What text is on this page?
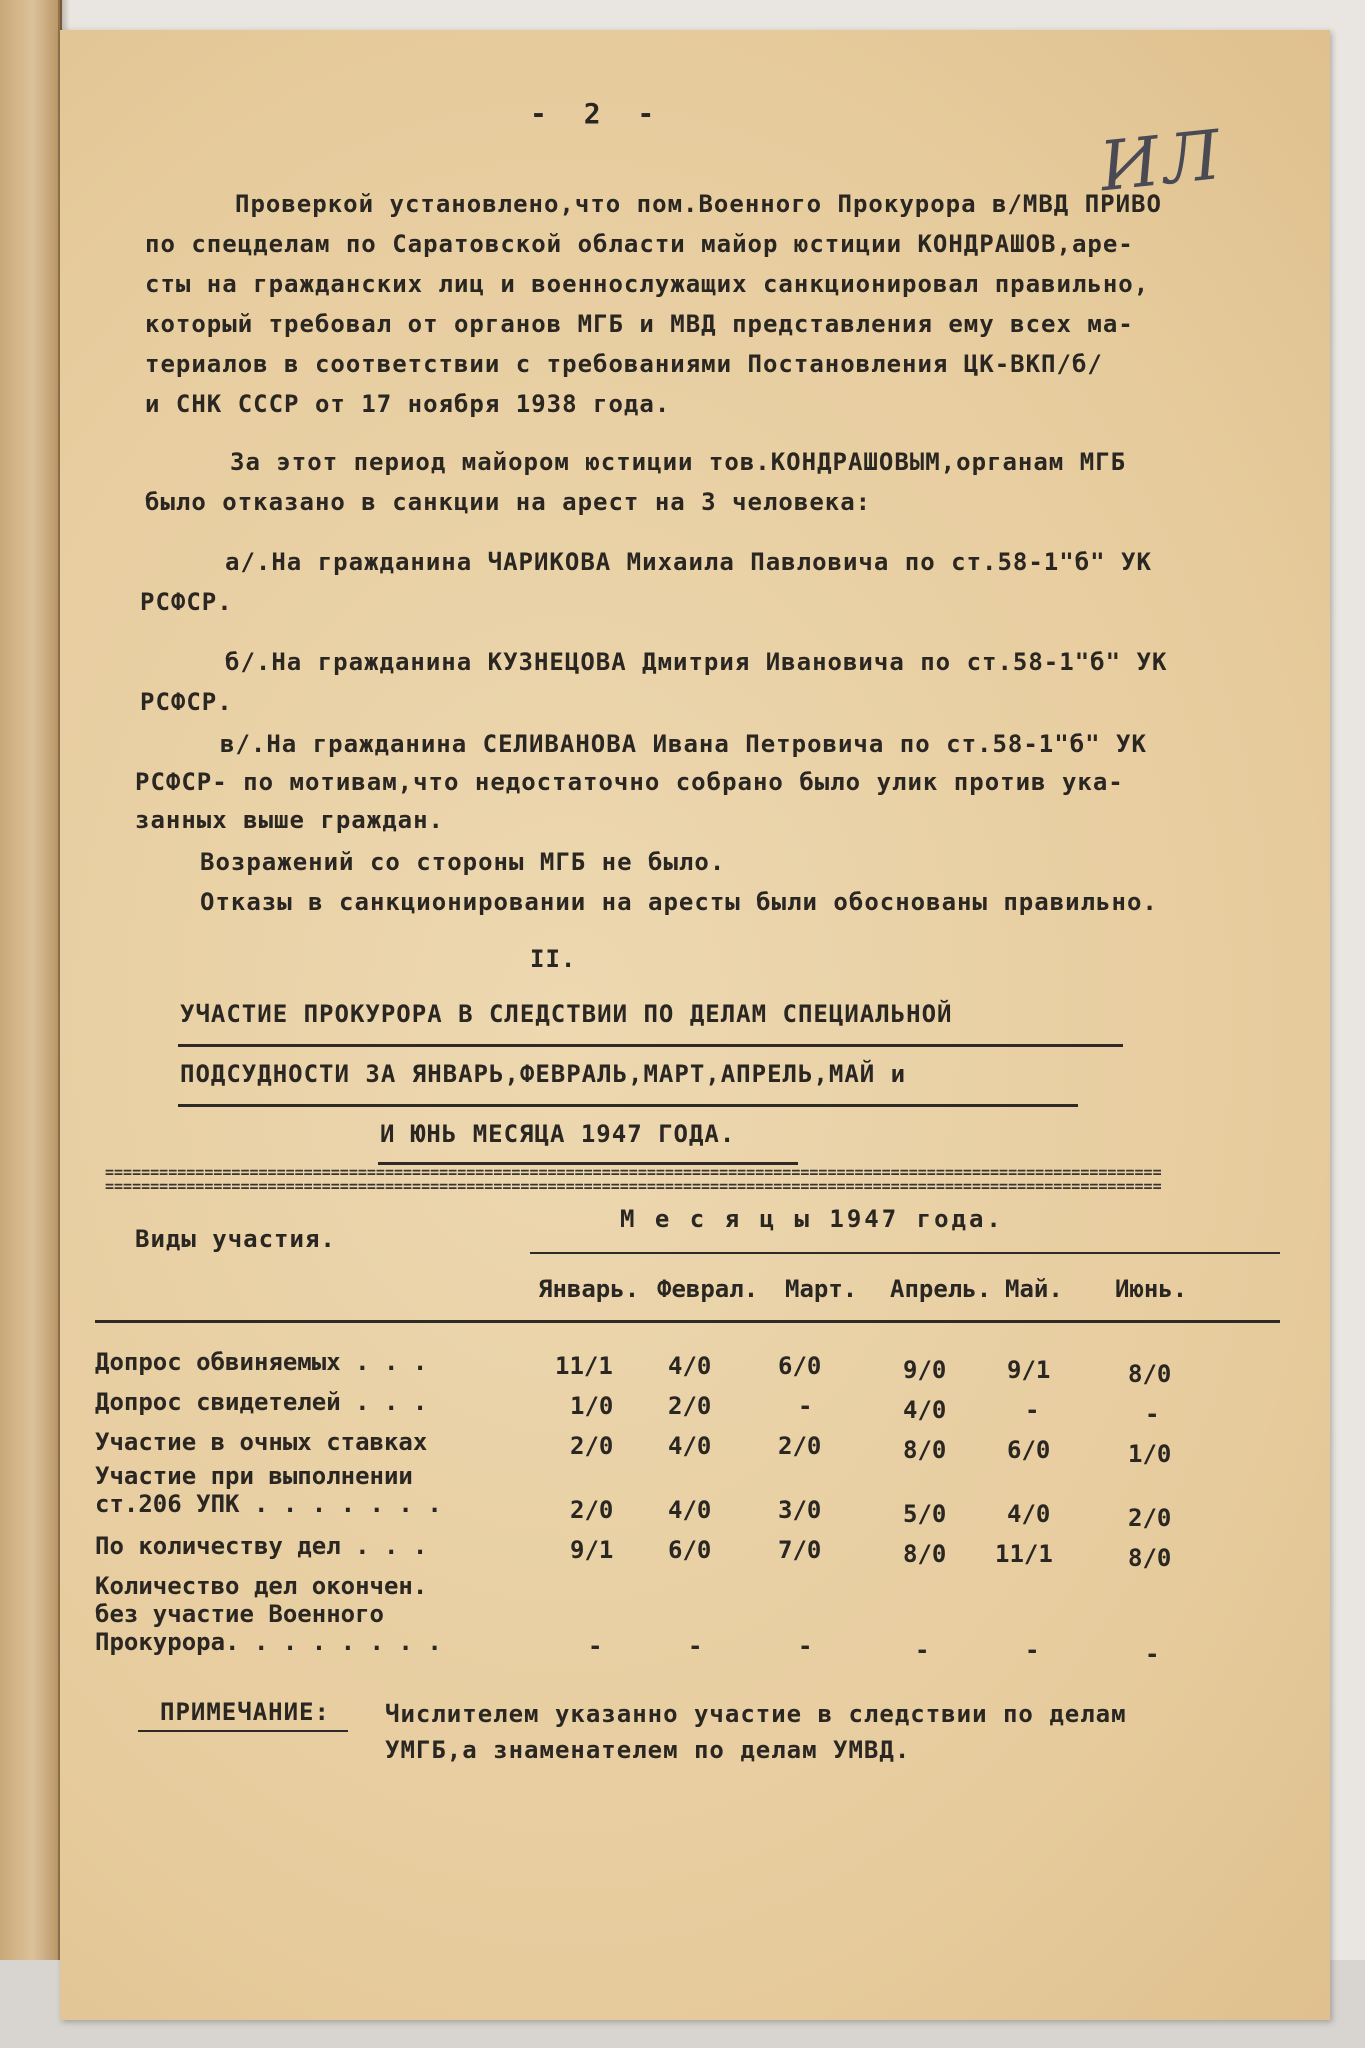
- 2 -
ИЛ
Проверкой установлено,что пом.Военного Прокурора в/МВД ПРИВО
по спецделам по Саратовской области майор юстиции КОНДРАШОВ,аре-
сты на гражданских лиц и военнослужащих санкционировал правильно,
который требовал от органов МГБ и МВД представления ему всех ма-
териалов в соответствии с требованиями Постановления ЦК-ВКП/б/
и СНК СССР от 17 ноября 1938 года.
За этот период майором юстиции тов.КОНДРАШОВЫМ,органам МГБ
было отказано в санкции на арест на 3 человека:
а/.На гражданина ЧАРИКОВА Михаила Павловича по ст.58-1"б" УК
РСФСР.
б/.На гражданина КУЗНЕЦОВА Дмитрия Ивановича по ст.58-1"б" УК
РСФСР.
в/.На гражданина СЕЛИВАНОВА Ивана Петровича по ст.58-1"б" УК
РСФСР- по мотивам,что недостаточно собрано было улик против ука-
занных выше граждан.
Возражений со стороны МГБ не было.
Отказы в санкционировании на аресты были обоснованы правильно.
II.
УЧАСТИЕ ПРОКУРОРА В СЛЕДСТВИИ ПО ДЕЛАМ СПЕЦИАЛЬНОЙ
ПОДСУДНОСТИ ЗА ЯНВАРЬ,ФЕВРАЛЬ,МАРТ,АПРЕЛЬ,МАЙ и
И ЮНЬ МЕСЯЦА 1947 ГОДА.
=====================================================================================================================
=====================================================================================================================
Виды участия.
М е с я ц ы 1947 года.
Январь. Феврал. Март. Апрель. Май. Июнь.
Допрос обвиняемых . . .	11/1 4/0	6/0	9/0	9/1	8/0
Допрос свидетелей . . .	1/0 2/0	-	4/0	-	-
Участие в очных ставках	2/0 4/0	2/0	8/0	6/0	1/0
Участие при выполнении
ст.206 УПК . . . . . . .	2/0 4/0	3/0	5/0	4/0	2/0
По количеству дел . . .	9/1 6/0	7/0	8/0 11/1	8/0
Количество дел окончен.
без участие Военного
Прокурора. . . . . . . .	-	-	-	-	-	-
ПРИМЕЧАНИЕ: Числителем указанно участие в следствии по делам
УМГБ,а знаменателем по делам УМВД.
